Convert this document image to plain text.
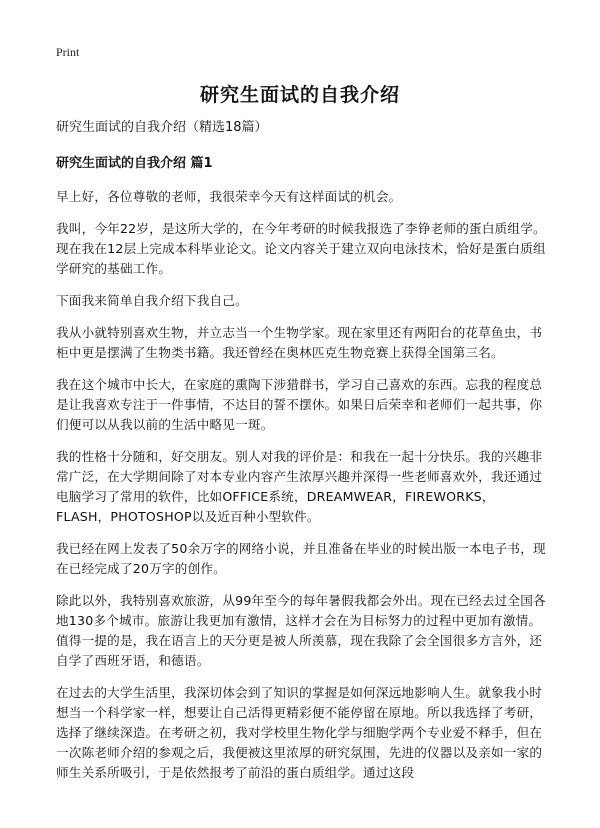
Print
研究生面试的自我介绍
研究生面试的自我介绍（精选18篇）
研究生面试的自我介绍 篇1

早上好，各位尊敬的老师，我很荣幸今天有这样面试的机会。

我叫，今年22岁，是这所大学的，在今年考研的时候我报选了李铮老师的蛋白质组学。现在我在12层上完成本科毕业论文。论文内容关于建立双向电泳技术，恰好是蛋白质组学研究的基础工作。

下面我来简单自我介绍下我自己。

我从小就特别喜欢生物，并立志当一个生物学家。现在家里还有两阳台的花草鱼虫，书柜中更是摆满了生物类书籍。我还曾经在奥林匹克生物竞赛上获得全国第三名。

我在这个城市中长大，在家庭的熏陶下涉猎群书，学习自己喜欢的东西。忘我的程度总是让我喜欢专注于一件事情，不达目的誓不摆休。如果日后荣幸和老师们一起共事，你们便可以从我以前的生活中略见一斑。

我的性格十分随和，好交朋友。别人对我的评价是：和我在一起十分快乐。我的兴趣非常广泛，在大学期间除了对本专业内容产生浓厚兴趣并深得一些老师喜欢外，我还通过电脑学习了常用的软件，比如OFFICE系统，DREAMWEAR，FIREWORKS，FLASH，PHOTOSHOP以及近百种小型软件。

我已经在网上发表了50余万字的网络小说，并且准备在毕业的时候出版一本电子书，现在已经完成了20万字的创作。

除此以外，我特别喜欢旅游，从99年至今的每年暑假我都会外出。现在已经去过全国各地130多个城市。旅游让我更加有激情，这样才会在为目标努力的过程中更加有激情。值得一提的是，我在语言上的天分更是被人所羡慕，现在我除了会全国很多方言外，还自学了西班牙语，和德语。

在过去的大学生活里，我深切体会到了知识的掌握是如何深远地影响人生。就象我小时想当一个科学家一样，想要让自己活得更精彩便不能停留在原地。所以我选择了考研，选择了继续深造。在考研之初，我对学校里生物化学与细胞学两个专业爱不释手，但在一次陈老师介绍的参观之后，我便被这里浓厚的研究氛围，先进的仪器以及亲如一家的师生关系所吸引，于是依然报考了前沿的蛋白质组学。通过这段
